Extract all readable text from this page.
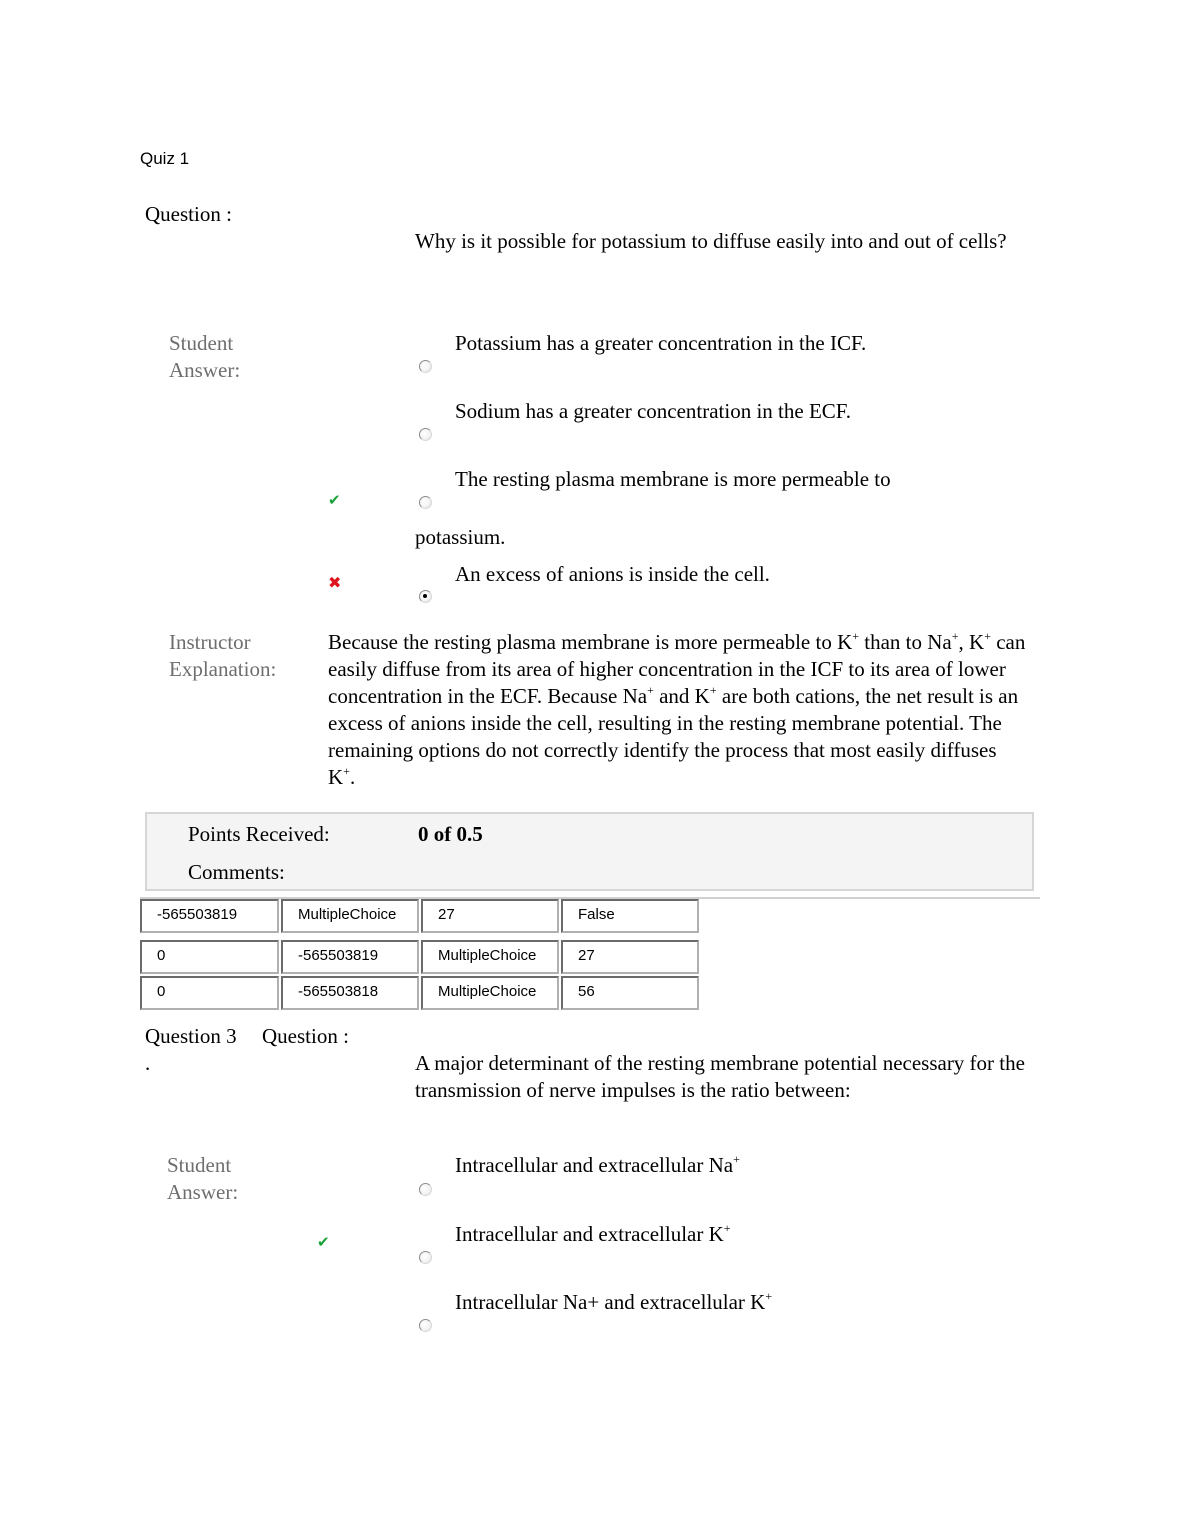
Quiz 1
Question :
Why is it possible for potassium to diffuse easily into and out of cells?
Student Answer:
Potassium has a greater concentration in the ICF.
Sodium has a greater concentration in the ECF.
✔
The resting plasma membrane is more permeable to
potassium.
✖	An excess of anions is inside the cell.
Instructor Explanation:
Because the resting plasma membrane is more permeable to K+ than to Na+, K+ can easily diffuse from its area of higher concentration in the ICF to its area of lower concentration in the ECF. Because Na+ and K+ are both cations, the net result is an excess of anions inside the cell, resulting in the resting membrane potential. The remaining options do not correctly identify the process that most easily diffuses K+.
Points Received:	0 of 0.5
Comments:
-565503819	MultipleChoice	27	False
0	-565503819	MultipleChoice	27
0	-565503818	MultipleChoice	56
Question 3
.
Question :
A major determinant of the resting membrane potential necessary for the transmission of nerve impulses is the ratio between:
Student Answer:
Intracellular and extracellular Na+
✔	Intracellular and extracellular K+
Intracellular Na+ and extracellular K+
